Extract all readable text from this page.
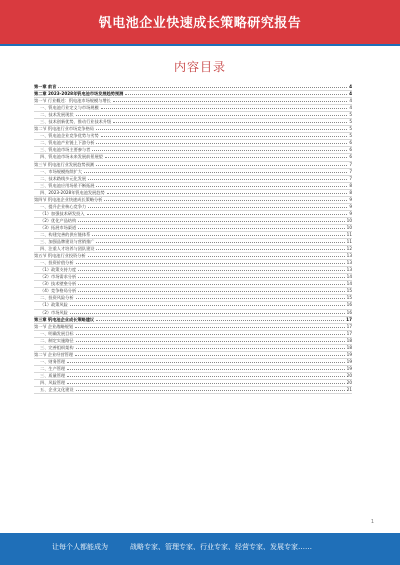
钒电池企业快速成长策略研究报告
内容目录
第一章 前言	4
第二章 2023-2028年钒电池市场发展趋势预测	4
第一节 行业概述：钒电池市场规模与增长	4
一、钒电池行业定义与市场规模	4
二、技术发展现状	5
三、技术创新优势，推动行业技术升级	5
第二节 钒电池行业市场竞争格局	5
一、钒电池企业竞争优势与劣势	5
二、钒电池产业链上下游分析	6
三、钒电池市场主要参与者	6
四、钒电池市场未来发展前景展望	6
第三节 钒电池行业发展趋势预测	7
一、市场规模持续扩大	7
二、技术路线多元化发展	7
三、钒电池应用场景不断拓展	8
四、2023-2028年钒电池发展趋势	8
第四节 钒电池企业快速成长策略分析	9
一、提升企业核心竞争力	9
（1）加强技术研发投入	9
（2）优化产品结构	10
（3）拓展市场渠道	10
二、构建完善的供应链体系	11
三、加强品牌建设与营销推广	11
四、注重人才培养与团队建设	12
第五节 钒电池行业投资分析	13
一、投资价值分析	13
（1）政策支持力度	13
（2）市场需求分析	14
（3）技术壁垒分析	14
（4）竞争格局分析	15
二、投资风险分析	15
（1）政策风险	16
（2）市场风险	16
第三章 钒电池企业成长策略建议	17
第一节 企业战略规划	17
一、明确发展目标	17
二、制定实施路径	18
三、完善组织架构	18
第二节 企业经营管理	19
一、财务管理	19
二、生产管理	19
三、质量管理	20
四、风险管理	20
五、企业文化建设	21
1
让每个人都能成为	战略专家、管理专家、行业专家、经营专家、发展专家……
